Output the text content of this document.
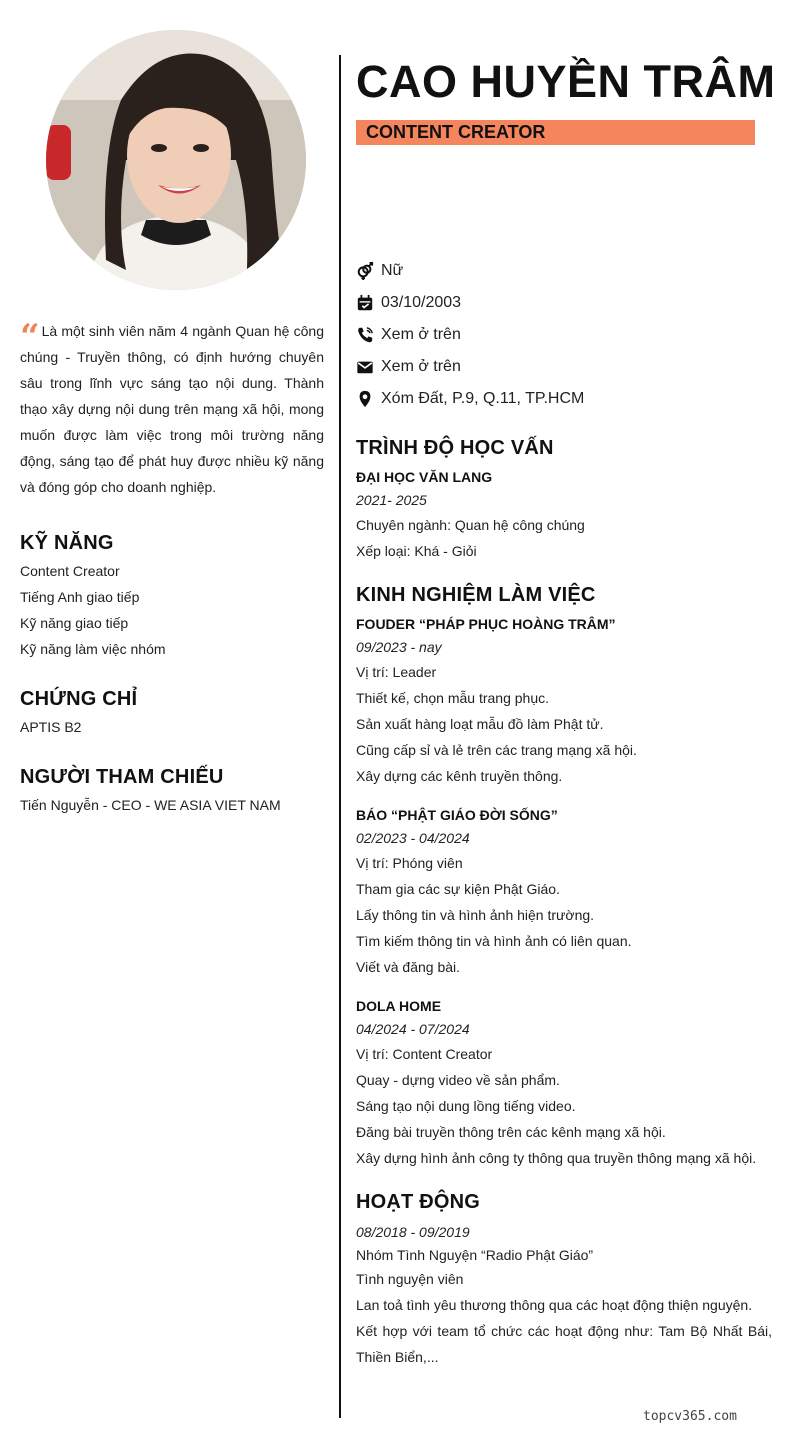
“ Là một sinh viên năm 4 ngành Quan hệ công chúng - Truyền thông, có định hướng chuyên sâu trong lĩnh vực sáng tạo nội dung. Thành thạo xây dựng nội dung trên mạng xã hội, mong muốn được làm việc trong môi trường năng động, sáng tạo để phát huy được nhiều kỹ năng và đóng góp cho doanh nghiệp.
KỸ NĂNG
Content Creator
Tiếng Anh giao tiếp
Kỹ năng giao tiếp
Kỹ năng làm việc nhóm
CHỨNG CHỈ
APTIS B2
NGƯỜI THAM CHIẾU
Tiến Nguyễn - CEO - WE ASIA VIET NAM
CAO HUYỀN TRÂM
CONTENT CREATOR
Nữ
03/10/2003
Xem ở trên
Xem ở trên
Xóm Đất, P.9, Q.11, TP.HCM
TRÌNH ĐỘ HỌC VẤN
ĐẠI HỌC VĂN LANG
2021- 2025
Chuyên ngành: Quan hệ công chúng
Xếp loại: Khá - Giỏi
KINH NGHIỆM LÀM VIỆC
FOUDER “PHÁP PHỤC HOÀNG TRÂM”
09/2023 - nay
Vị trí: Leader
Thiết kế, chọn mẫu trang phục.
Sản xuất hàng loạt mẫu đồ làm Phật tử.
Cũng cấp sỉ và lẻ trên các trang mạng xã hội.
Xây dựng các kênh truyền thông.
BÁO “PHẬT GIÁO ĐỜI SỐNG”
02/2023 - 04/2024
Vị trí: Phóng viên
Tham gia các sự kiện Phật Giáo.
Lấy thông tin và hình ảnh hiện trường.
Tìm kiếm thông tin và hình ảnh có liên quan.
Viết và đăng bài.
DOLA HOME
04/2024 - 07/2024
Vị trí: Content Creator
Quay - dựng video về sản phẩm.
Sáng tạo nội dung lồng tiếng video.
Đăng bài truyền thông trên các kênh mạng xã hội.
Xây dựng hình ảnh công ty thông qua truyền thông mạng xã hội.
HOẠT ĐỘNG
08/2018 - 09/2019
Nhóm Tình Nguyện “Radio Phật Giáo”
Tình nguyện viên
Lan toả tình yêu thương thông qua các hoạt động thiện nguyện.
Kết hợp với team tổ chức các hoạt động như: Tam Bộ Nhất Bái, Thiền Biển,...
topcv365.com
